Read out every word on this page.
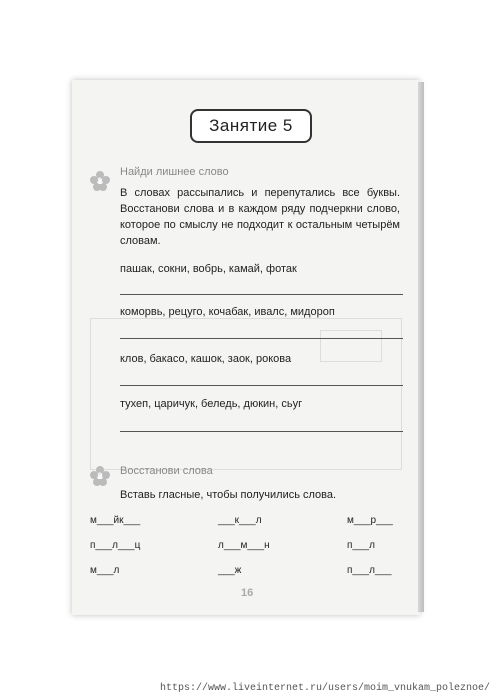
Занятие 5
1
Найди лишнее слово
В словах рассыпались и перепутались все буквы. Восстанови слова и в каждом ряду подчеркни слово, которое по смыслу не подходит к остальным четырём словам.
пашак, сокни, вобрь, камай, фотак
коморвь, рецуго, кочабак, ивалс, мидороп
клов, бакасо, кашок, заок, рокова
тухеп, царичук, беледь, дюкин, сьуг
2 Восстанови слова
Вставь гласные, чтобы получились слова.
м___йк___	___к___л	м___р___
п___л___ц	л___м___н	п___л
м___л	___ж	п___л___
16
https://www.liveinternet.ru/users/moim_vnukam_poleznoe/
